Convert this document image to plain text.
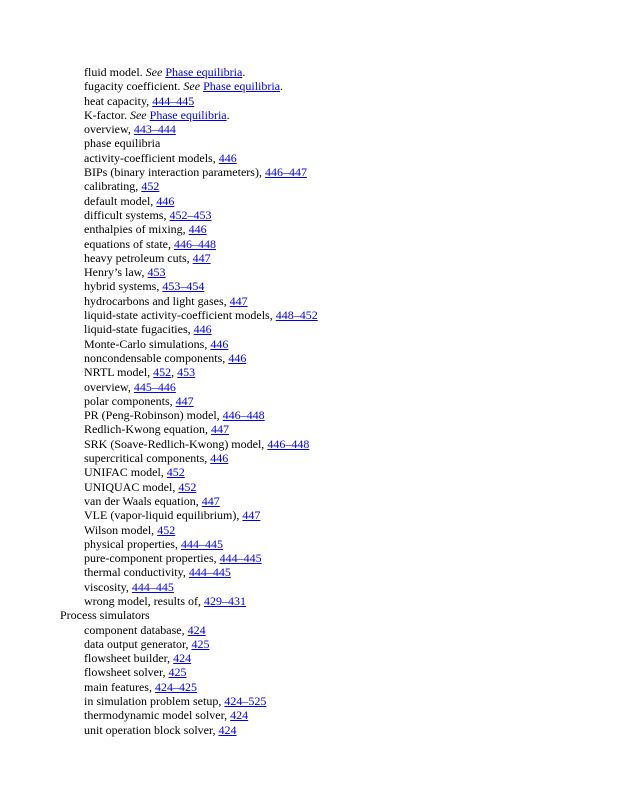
fluid model. See Phase equilibria.
fugacity coefficient. See Phase equilibria.
heat capacity, 444–445
K-factor. See Phase equilibria.
overview, 443–444
phase equilibria
activity-coefficient models, 446
BIPs (binary interaction parameters), 446–447
calibrating, 452
default model, 446
difficult systems, 452–453
enthalpies of mixing, 446
equations of state, 446–448
heavy petroleum cuts, 447
Henry’s law, 453
hybrid systems, 453–454
hydrocarbons and light gases, 447
liquid-state activity-coefficient models, 448–452
liquid-state fugacities, 446
Monte-Carlo simulations, 446
noncondensable components, 446
NRTL model, 452, 453
overview, 445–446
polar components, 447
PR (Peng-Robinson) model, 446–448
Redlich-Kwong equation, 447
SRK (Soave-Redlich-Kwong) model, 446–448
supercritical components, 446
UNIFAC model, 452
UNIQUAC model, 452
van der Waals equation, 447
VLE (vapor-liquid equilibrium), 447
Wilson model, 452
physical properties, 444–445
pure-component properties, 444–445
thermal conductivity, 444–445
viscosity, 444–445
wrong model, results of, 429–431
Process simulators
component database, 424
data output generator, 425
flowsheet builder, 424
flowsheet solver, 425
main features, 424–425
in simulation problem setup, 424–525
thermodynamic model solver, 424
unit operation block solver, 424
